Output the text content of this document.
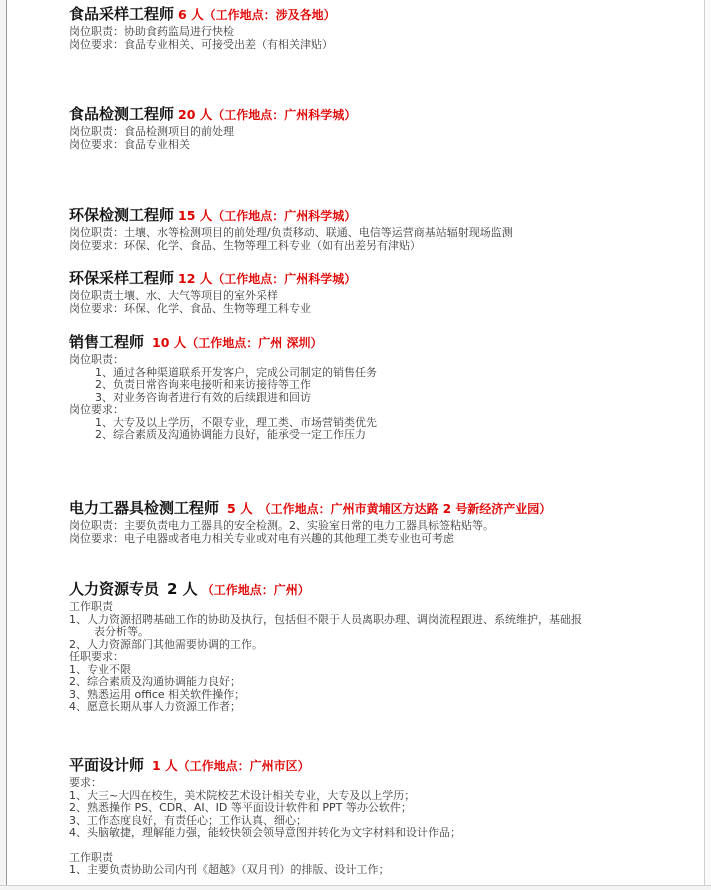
食品采样工程师 6 人（工作地点：涉及各地）
岗位职责：协助食药监局进行快检
岗位要求：食品专业相关、可接受出差（有相关津贴）
食品检测工程师 20 人（工作地点：广州科学城）
岗位职责：食品检测项目的前处理
岗位要求：食品专业相关
环保检测工程师 15 人（工作地点：广州科学城）
岗位职责：土壤、水等检测项目的前处理/负责移动、联通、电信等运营商基站辐射现场监测
岗位要求：环保、化学、食品、生物等理工科专业（如有出差另有津贴）
环保采样工程师 12 人（工作地点：广州科学城）
岗位职责土壤、水、大气等项目的室外采样
岗位要求：环保、化学、食品、生物等理工科专业
销售工程师 10 人（工作地点：广州 深圳）
岗位职责：
1、通过各种渠道联系开发客户，完成公司制定的销售任务
2、负责日常咨询来电接听和来访接待等工作
3、对业务咨询者进行有效的后续跟进和回访
岗位要求：
1、大专及以上学历，不限专业，理工类、市场营销类优先
2、综合素质及沟通协调能力良好，能承受一定工作压力
电力工器具检测工程师 5 人 （工作地点：广州市黄埔区方达路 2 号新经济产业园）
岗位职责：主要负责电力工器具的安全检测。2、实验室日常的电力工器具标签粘贴等。
岗位要求：电子电器或者电力相关专业或对电有兴趣的其他理工类专业也可考虑
人力资源专员 2 人 （工作地点：广州）
工作职责
1、人力资源招聘基础工作的协助及执行，包括但不限于人员离职办理、调岗流程跟进、系统维护，基础报
表分析等。
2、人力资源部门其他需要协调的工作。
任职要求：
1、专业不限
2、综合素质及沟通协调能力良好；
3、熟悉运用 office 相关软件操作；
4、愿意长期从事人力资源工作者；
平面设计师 1 人（工作地点：广州市区）
要求：
1、大三~大四在校生，美术院校艺术设计相关专业，大专及以上学历；
2、熟悉操作 PS、CDR、AI、ID 等平面设计软件和 PPT 等办公软件；
3、工作态度良好，有责任心；工作认真、细心；
4、头脑敏捷，理解能力强，能较快领会领导意图并转化为文字材料和设计作品；
工作职责
1、主要负责协助公司内刊《超越》（双月刊）的排版、设计工作；
